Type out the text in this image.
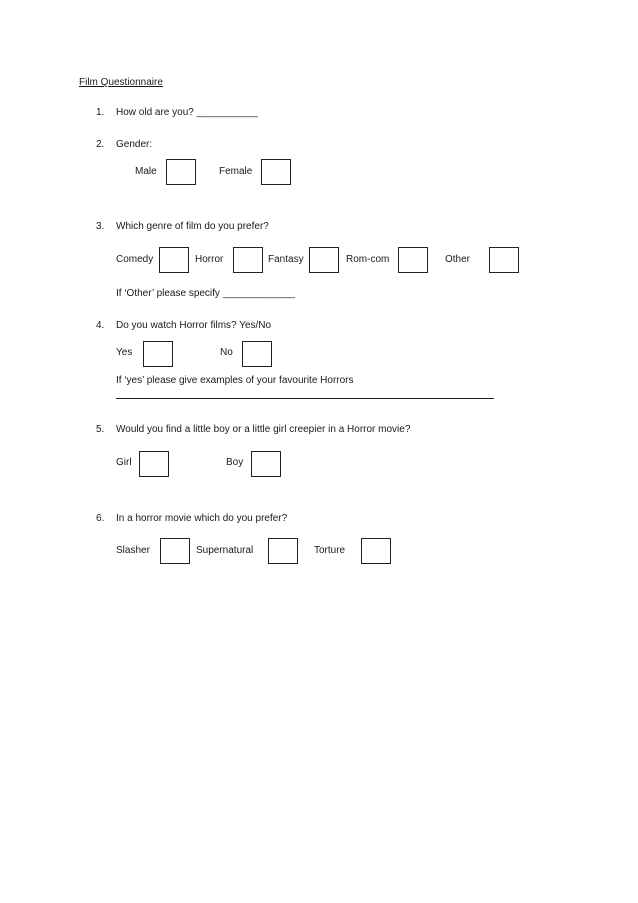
Film Questionnaire
1. How old are you? ___________
2. Gender:
Male	Female
3. Which genre of film do you prefer?
Comedy	Horror	Fantasy	Rom-com	Other
If ‘Other’ please specify _____________
4. Do you watch Horror films? Yes/No
Yes	No
If ‘yes’ please give examples of your favourite Horrors
5. Would you find a little boy or a little girl creepier in a Horror movie?
Girl	Boy
6. In a horror movie which do you prefer?
Slasher	Supernatural	Torture
